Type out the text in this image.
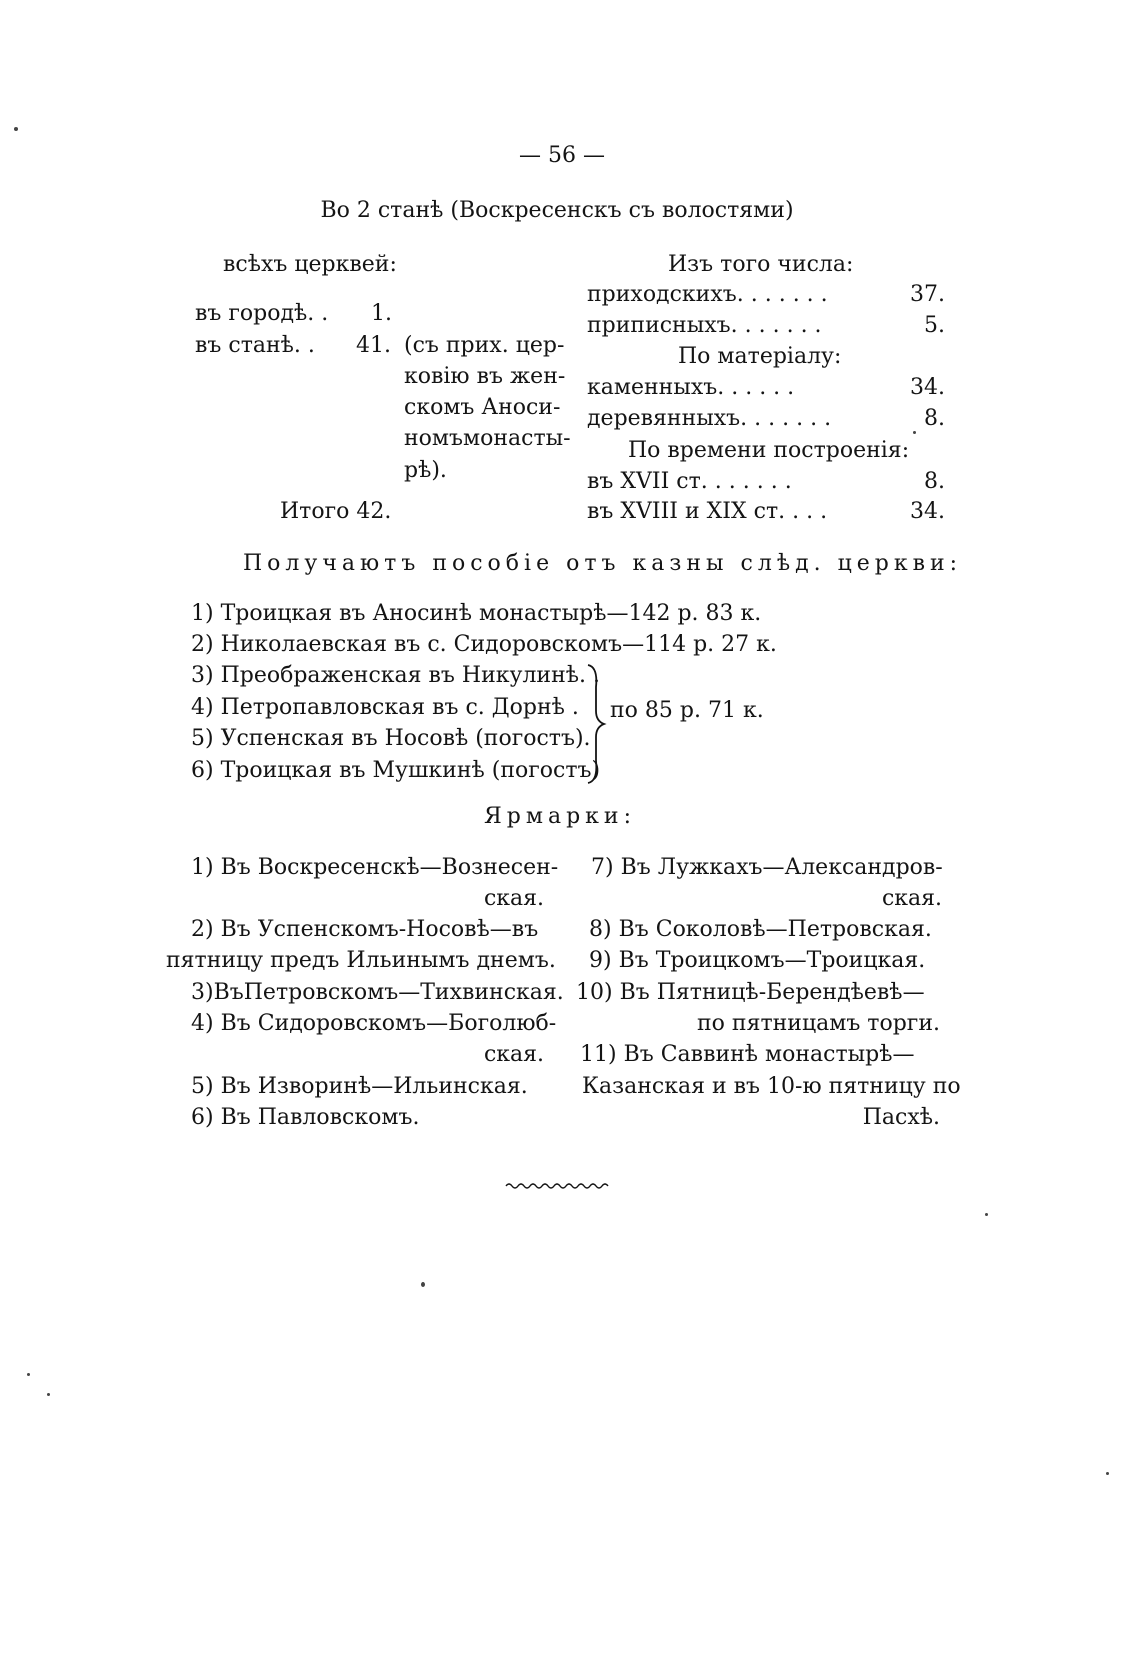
— 56 —
Во 2 станѣ (Воскресенскъ съ волостями)
всѣхъ церквей:
въ городѣ. . 1.
въ станѣ. . 41. (съ прих. цер-
ковію въ жен-
скомъ Аноси-
номъмонасты-
рѣ).
Итого 42.
Изъ того числа:
приходскихъ. . . . . . .	37.
приписныхъ. . . . . . .	5.
По матеріалу:
каменныхъ. . . . . .	34.
деревянныхъ. . . . . . .	8.
По времени построенія:
въ XVII ст. . . . . . .	8.
въ XVIII и XIX ст. . . .	34.
Получаютъ пособіе отъ казны слѣд. церкви:
1) Троицкая въ Аносинѣ монастырѣ—142 р. 83 к.
2) Николаевская въ с. Сидоровскомъ—114 р. 27 к.
3) Преображенская въ Никулинѣ. .
4) Петропавловская въ с. Дорнѣ .
5) Успенская въ Носовѣ (погостъ).
6) Троицкая въ Мушкинѣ (погостъ)
по 85 р. 71 к.
Ярмарки:
1) Въ Воскресенскѣ—Вознесен-
ская.
2) Въ Успенскомъ-Носовѣ—въ
пятницу предъ Ильинымъ днемъ.
3)ВъПетровскомъ—Тихвинская.
4) Въ Сидоровскомъ—Боголюб-
ская.
5) Въ Изворинѣ—Ильинская.
6) Въ Павловскомъ.
7) Въ Лужкахъ—Александров-
ская.
8) Въ Соколовѣ—Петровская.
9) Въ Троицкомъ—Троицкая.
10) Въ Пятницѣ-Берендѣевѣ—
по пятницамъ торги.
11) Въ Саввинѣ монастырѣ—
Казанская и въ 10-ю пятницу по
Пасхѣ.
